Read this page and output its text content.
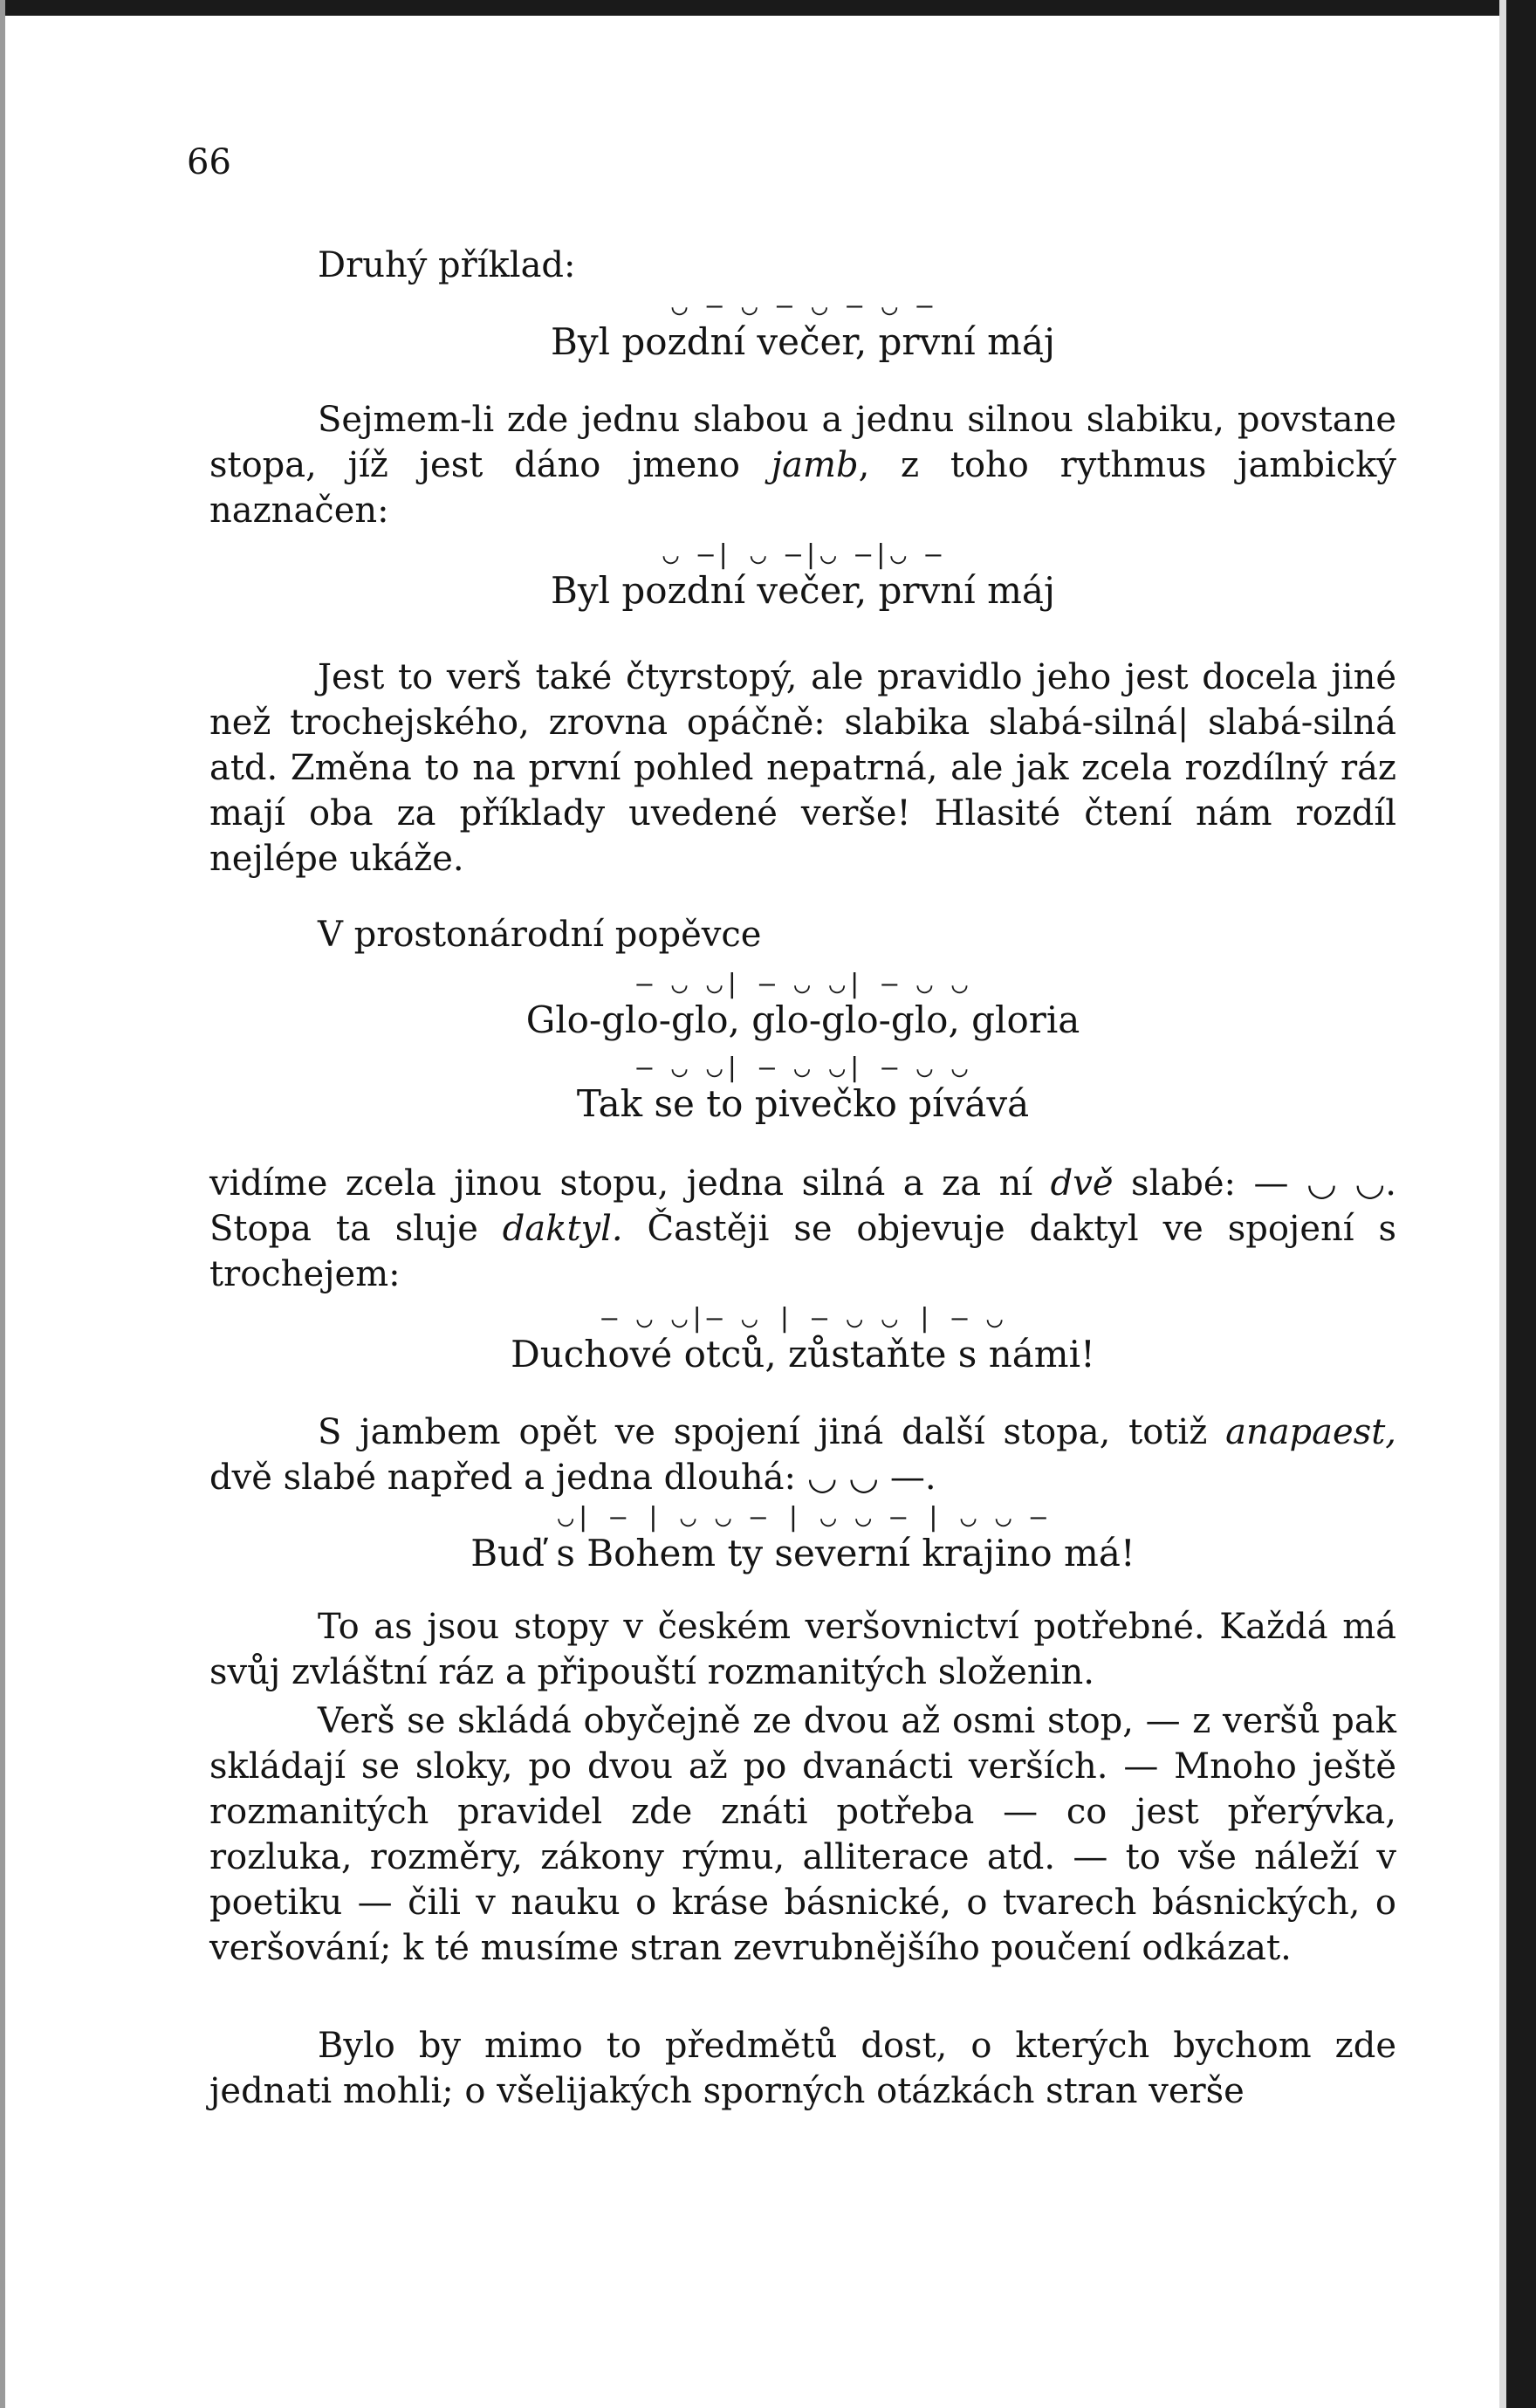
66
Druhý příklad:
◡ — ◡ — ◡ — ◡ —
Byl pozdní večer, první máj
Sejmem-li zde jednu slabou a jednu silnou slabiku, povstane stopa, jíž jest dáno jmeno jamb, z toho rythmus jambický naznačen:
◡ —| ◡ —|◡ —|◡ —
Byl pozdní večer, první máj
Jest to verš také čtyrstopý, ale pravidlo jeho jest docela jiné než trochejského, zrovna opáčně: slabika slabá-silná| slabá-silná atd. Změna to na první pohled nepatrná, ale jak zcela rozdílný ráz mají oba za příklady uvedené verše! Hlasité čtení nám rozdíl nejlépe ukáže.
V prostonárodní popěvce
— ◡ ◡| — ◡ ◡| — ◡ ◡
Glo-glo-glo, glo-glo-glo, gloria
— ◡ ◡| — ◡ ◡| — ◡ ◡
Tak se to pivečko pívává
vidíme zcela jinou stopu, jedna silná a za ní dvě slabé: — ◡ ◡. Stopa ta sluje daktyl. Častěji se objevuje daktyl ve spojení s trochejem:
— ◡ ◡|— ◡ | — ◡ ◡ | — ◡
Duchové otců, zůstaňte s námi!
S jambem opět ve spojení jiná další stopa, totiž anapaest, dvě slabé napřed a jedna dlouhá: ◡ ◡ —.
◡| — | ◡ ◡ — | ◡ ◡ — | ◡ ◡ —
Buď s Bohem ty severní krajino má!
To as jsou stopy v českém veršovnictví potřebné. Každá má svůj zvláštní ráz a připouští rozmanitých složenin.
Verš se skládá obyčejně ze dvou až osmi stop, — z veršů pak skládají se sloky, po dvou až po dvanácti verších. — Mnoho ještě rozmanitých pravidel zde znáti potřeba — co jest přerývka, rozluka, rozměry, zákony rýmu, alliterace atd. — to vše náleží v poetiku — čili v nauku o kráse básnické, o tvarech básnických, o veršování; k té musíme stran zevrubnějšího poučení odkázat.
Bylo by mimo to předmětů dost, o kterých bychom zde jednati mohli; o všelijakých sporných otázkách stran verše
